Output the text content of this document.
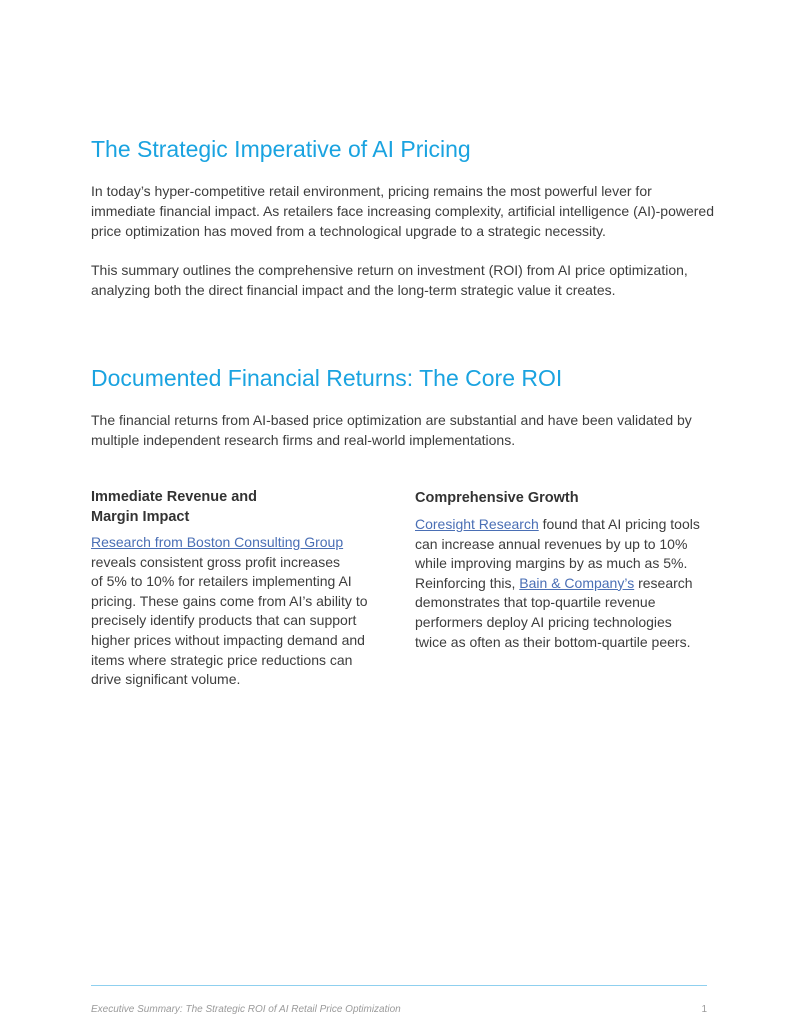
The Strategic Imperative of AI Pricing

In today’s hyper-competitive retail environment, pricing remains the most powerful lever for immediate financial impact. As retailers face increasing complexity, artificial intelligence (AI)-powered price optimization has moved from a technological upgrade to a strategic necessity.

This summary outlines the comprehensive return on investment (ROI) from AI price optimization, analyzing both the direct financial impact and the long-term strategic value it creates.

Documented Financial Returns: The Core ROI

The financial returns from AI-based price optimization are substantial and have been validated by multiple independent research firms and real-world implementations.

Immediate Revenue and
Margin Impact

Research from Boston Consulting Group
reveals consistent gross profit increases
of 5% to 10% for retailers implementing AI pricing. These gains come from AI’s ability to precisely identify products that can support higher prices without impacting demand and items where strategic price reductions can drive significant volume.

Comprehensive Growth

Coresight Research found that AI pricing tools can increase annual revenues by up to 10% while improving margins by as much as 5%. Reinforcing this, Bain & Company’s research demonstrates that top-quartile revenue performers deploy AI pricing technologies twice as often as their bottom-quartile peers.

Executive Summary: The Strategic ROI of AI Retail Price Optimization	1
